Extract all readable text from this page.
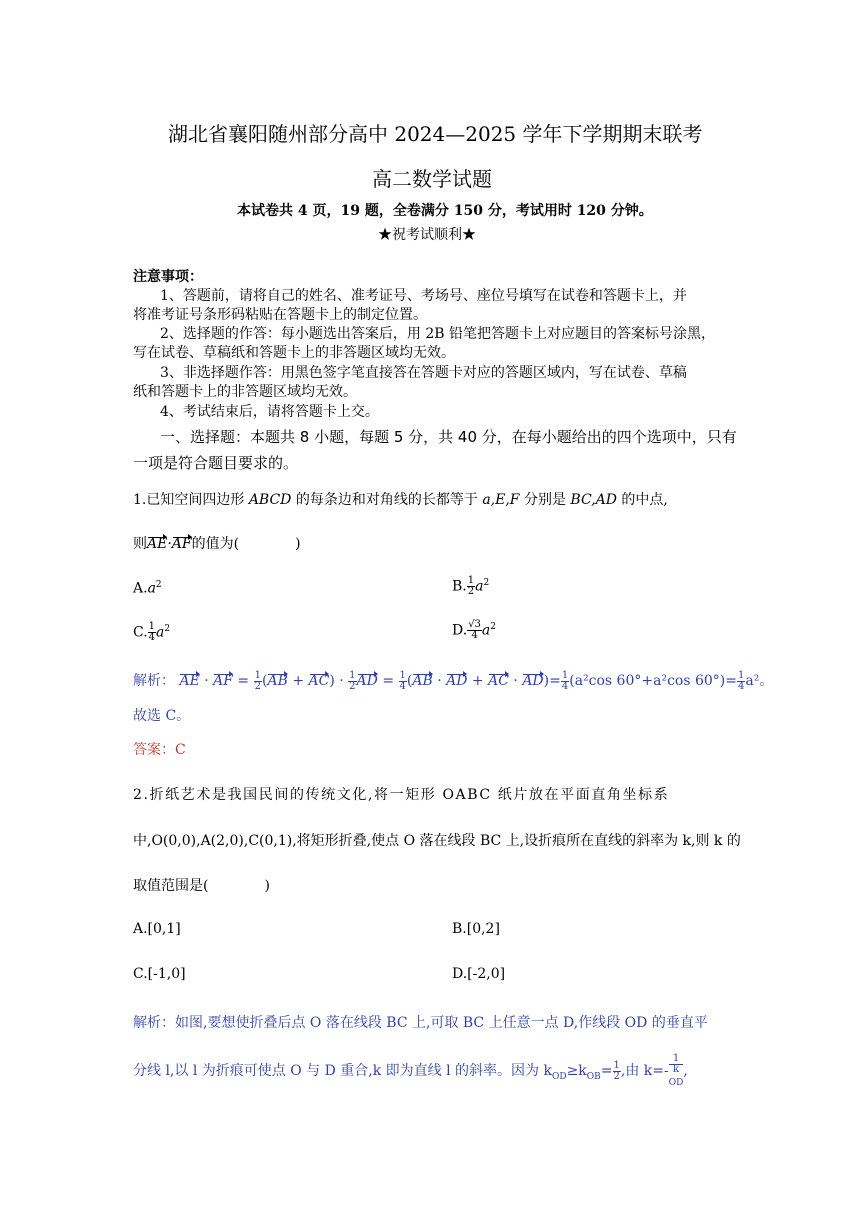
湖北省襄阳随州部分高中 2024—2025 学年下学期期末联考
高二数学试题
本试卷共 4 页，19 题，全卷满分 150 分，考试用时 120 分钟。
★祝考试顺利★
注意事项：
1、答题前，请将自己的姓名、准考证号、考场号、座位号填写在试卷和答题卡上，并
将准考证号条形码粘贴在答题卡上的制定位置。
2、选择题的作答：每小题选出答案后，用 2B 铅笔把答题卡上对应题目的答案标号涂黑，
写在试卷、草稿纸和答题卡上的非答题区域均无效。
3、非选择题作答：用黑色签字笔直接答在答题卡对应的答题区域内，写在试卷、草稿
纸和答题卡上的非答题区域均无效。
4、考试结束后，请将答题卡上交。
一、选择题：本题共 8 小题，每题 5 分，共 40 分，在每小题给出的四个选项中，只有
一项是符合题目要求的。
1.已知空间四边形 ABCD 的每条边和对角线的长都等于 a,E,F 分别是 BC,AD 的中点,
则AE·AF的值为(　　　　)
$A.a^2$	B. $\frac{1}{2} a^2$
C. $\frac{1}{4} a^2$	D. $\frac{√3}{4} a^2$
解析： AE · AF = $\frac{1}{2} (AB + AC) \cdot \frac{1}{2}$ AD = $\frac{1}{4} (AB$ · AD + AC · $AD)= \frac{1}{4} (a^2\cos$ 60°+a²cos $60^\circ)= \frac{1}{4} a^2$。
故选 C。
答案：C
2.折纸艺术是我国民间的传统文化,将一矩形 OABC 纸片放在平面直角坐标系
中,O(0,0),A(2,0),C(0,1),将矩形折叠,使点 O 落在线段 BC 上,设折痕所在直线的斜率为 k,则 k 的
取值范围是(　　　　)
A.[0,1]	B.[0,2]
C.[-1,0]	D.[-2,0]
解析：如图,要想使折叠后点 O 落在线段 BC 上,可取 BC 上任意一点 D,作线段 OD 的垂直平
分线 l,以 l 为折痕可使点 O 与 D 重合,k 即为直线 l 的斜率。因为 $k_{OD}\ge k_{OB}= \frac{1}{2}$ ,由 k=- 1
k
$_{OD}$ ,
